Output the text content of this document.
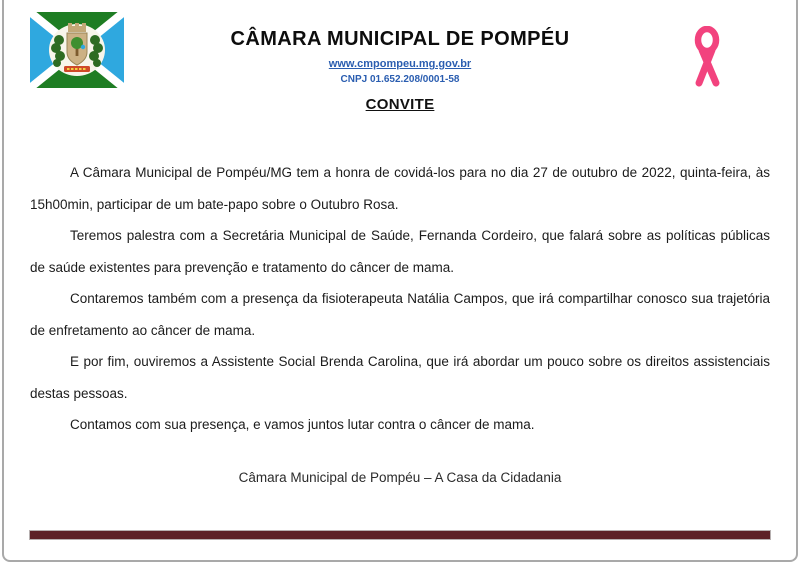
CÂMARA MUNICIPAL DE POMPÉU
www.cmpompeu.mg.gov.br
CNPJ 01.652.208/0001-58
CONVITE

A Câmara Municipal de Pompéu/MG tem a honra de covidá-los para no dia 27 de outubro de 2022, quinta-feira, às 15h00min, participar de um bate-papo sobre o Outubro Rosa.

Teremos palestra com a Secretária Municipal de Saúde, Fernanda Cordeiro, que falará sobre as políticas públicas de saúde existentes para prevenção e tratamento do câncer de mama.

Contaremos também com a presença da fisioterapeuta Natália Campos, que irá compartilhar conosco sua trajetória de enfretamento ao câncer de mama.

E por fim, ouviremos a Assistente Social Brenda Carolina, que irá abordar um pouco sobre os direitos assistenciais destas pessoas.

Contamos com sua presença, e vamos juntos lutar contra o câncer de mama.

Câmara Municipal de Pompéu – A Casa da Cidadania
